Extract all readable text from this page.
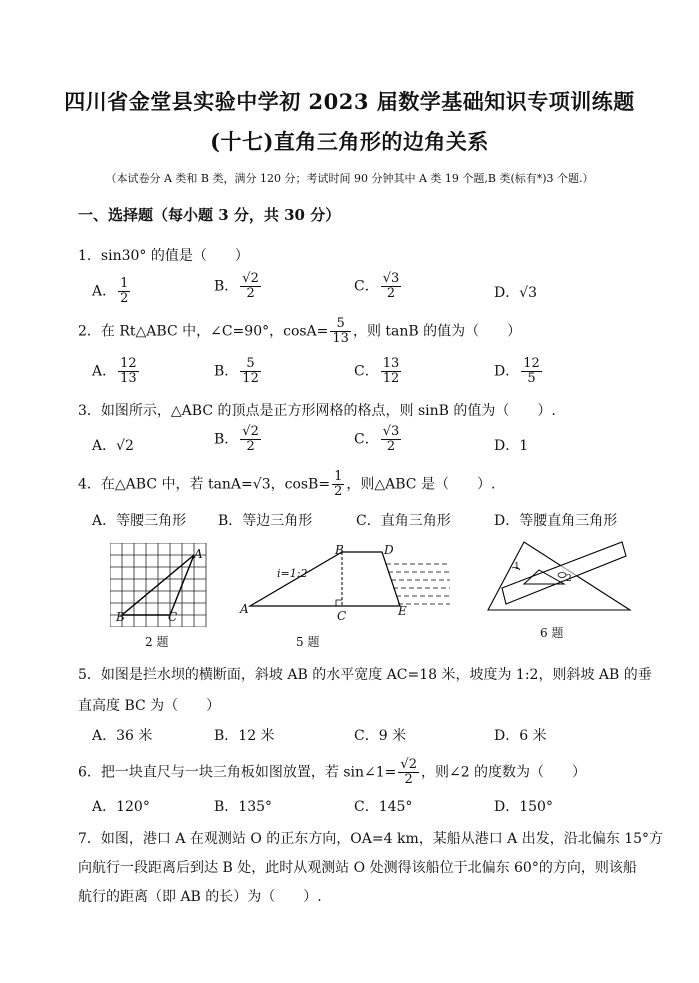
四川省金堂县实验中学初 2023 届数学基础知识专项训练题
(十七)直角三角形的边角关系
（本试卷分 A 类和 B 类，满分 120 分；考试时间 90 分钟其中 A 类 19 个题,B 类(标有*)3 个题.）
一、选择题（每小题 3 分，共 30 分）
1．sin30° 的值是（　　）
A． $\frac{1}{2}$	B． $\frac{√2}{2}$	C． $\frac{√3}{2}$	D．√3
2．在 Rt△ABC 中，∠C=90°，$\cos A= \frac{5}{13}$ ，则 tanB 的值为（　　）
A． $\frac{12}{13}$	B． $\frac{5}{12}$	C． $\frac{13}{12}$	D． $\frac{12}{5}$
3．如图所示，△ABC 的顶点是正方形网格的格点，则 sinB 的值为（　　）.
A．√2	B． $\frac{√2}{2}$	C． $\frac{√3}{2}$	D．1
4．在△ABC 中，若 tanA=√3，$\cos B= \frac{1}{2}$ ，则△ABC 是（　　）.
A．等腰三角形 B．等边三角形	C．直角三角形	D．等腰直角三角形
A
B	C
2 题
A
B
C
D
E
i=1:2
5 题
1
2
6 题
5．如图是拦水坝的横断面，斜坡 AB 的水平宽度 AC=18 米，坡度为 1:2，则斜坡 AB 的垂
直高度 BC 为（　　）
A．36 米	B．12 米	C．9 米	D．6 米
6．把一块直尺与一块三角板如图放置，若 sin∠1= $\frac{√2}{2}$ ，则∠2 的度数为（　　）
A．120°	B．135°	C．145°	D．150°
7．如图，港口 A 在观测站 O 的正东方向，OA=4 km，某船从港口 A 出发，沿北偏东 15°方
向航行一段距离后到达 B 处，此时从观测站 O 处测得该船位于北偏东 60°的方向，则该船
航行的距离（即 AB 的长）为（　　）.
